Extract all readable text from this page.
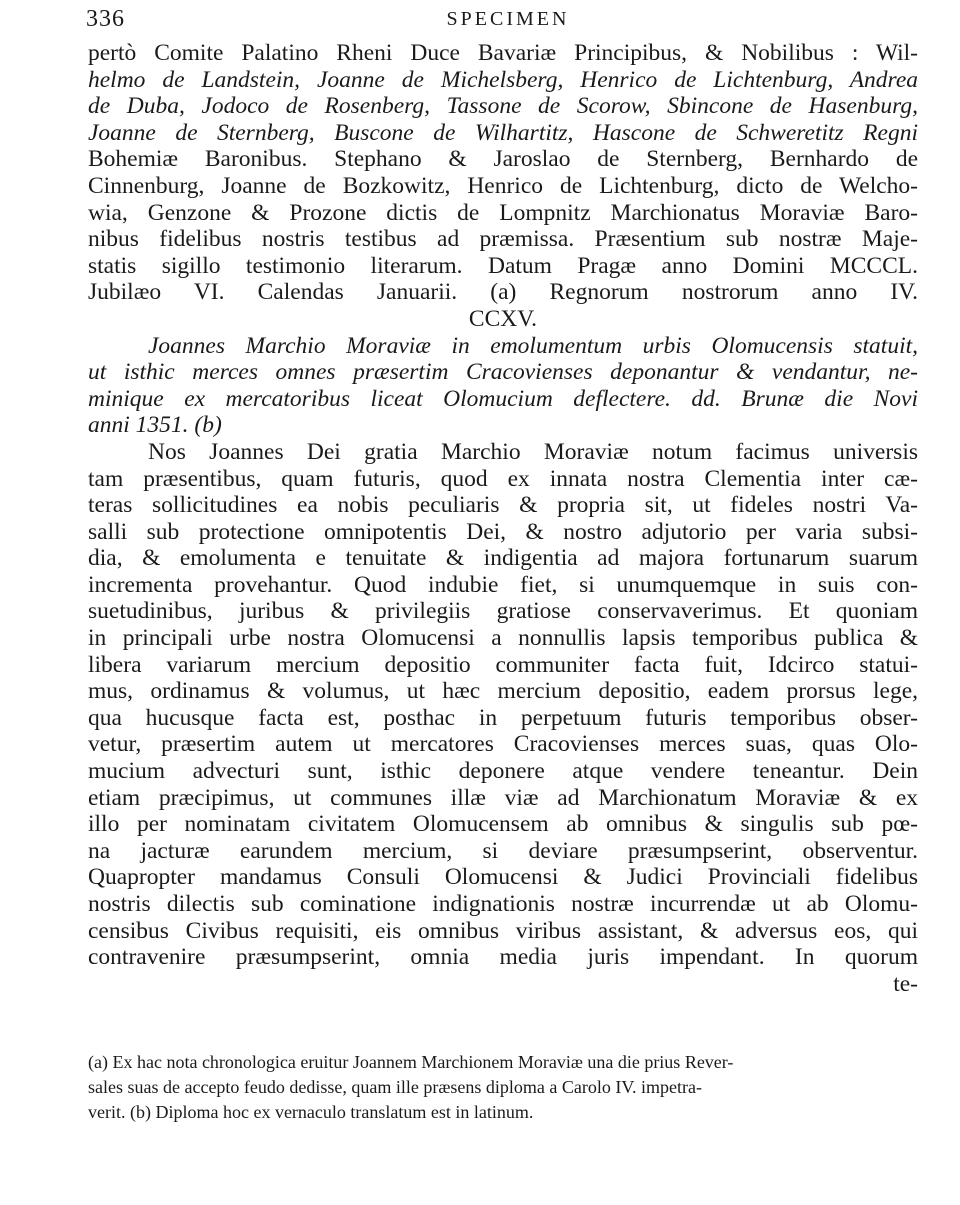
336	SPECIMEN
pertò Comite Palatino Rheni Duce Bavariæ Principibus, & Nobilibus : Wil-
helmo de Landstein, Joanne de Michelsberg, Henrico de Lichtenburg, Andrea
de Duba, Jodoco de Rosenberg, Tassone de Scorow, Sbincone de Hasenburg,
Joanne de Sternberg, Buscone de Wilhartitz, Hascone de Schweretitz Regni
Bohemiæ Baronibus. Stephano & Jaroslao de Sternberg, Bernhardo de
Cinnenburg, Joanne de Bozkowitz, Henrico de Lichtenburg, dicto de Welcho-
wia, Genzone & Prozone dictis de Lompnitz Marchionatus Moraviæ Baro-
nibus fidelibus nostris testibus ad præmissa. Præsentium sub nostræ Maje-
statis sigillo testimonio literarum. Datum Pragæ anno Domini MCCCL.
Jubilæo VI. Calendas Januarii. (a) Regnorum nostrorum anno IV.
CCXV.
Joannes Marchio Moraviæ in emolumentum urbis Olomucensis statuit,
ut isthic merces omnes præsertim Cracovienses deponantur & vendantur, ne-
minique ex mercatoribus liceat Olomucium deflectere. dd. Brunæ die Novi
anni 1351. (b)
Nos Joannes Dei gratia Marchio Moraviæ notum facimus universis
tam præsentibus, quam futuris, quod ex innata nostra Clementia inter cæ-
teras sollicitudines ea nobis peculiaris & propria sit, ut fideles nostri Va-
salli sub protectione omnipotentis Dei, & nostro adjutorio per varia subsi-
dia, & emolumenta e tenuitate & indigentia ad majora fortunarum suarum
incrementa provehantur. Quod indubie fiet, si unumquemque in suis con-
suetudinibus, juribus & privilegiis gratiose conservaverimus. Et quoniam
in principali urbe nostra Olomucensi a nonnullis lapsis temporibus publica &
libera variarum mercium depositio communiter facta fuit, Idcirco statui-
mus, ordinamus & volumus, ut hæc mercium depositio, eadem prorsus lege,
qua hucusque facta est, posthac in perpetuum futuris temporibus obser-
vetur, præsertim autem ut mercatores Cracovienses merces suas, quas Olo-
mucium advecturi sunt, isthic deponere atque vendere teneantur. Dein
etiam præcipimus, ut communes illæ viæ ad Marchionatum Moraviæ & ex
illo per nominatam civitatem Olomucensem ab omnibus & singulis sub pœ-
na jacturæ earundem mercium, si deviare præsumpserint, observentur.
Quapropter mandamus Consuli Olomucensi & Judici Provinciali fidelibus
nostris dilectis sub cominatione indignationis nostræ incurrendæ ut ab Olomu-
censibus Civibus requisiti, eis omnibus viribus assistant, & adversus eos, qui
contravenire præsumpserint, omnia media juris impendant. In quorum
te-
(a) Ex hac nota chronologica eruitur Joannem Marchionem Moraviæ una die prius Rever-
sales suas de accepto feudo dedisse, quam ille præsens diploma a Carolo IV. impetra-
verit. (b) Diploma hoc ex vernaculo translatum est in latinum.
